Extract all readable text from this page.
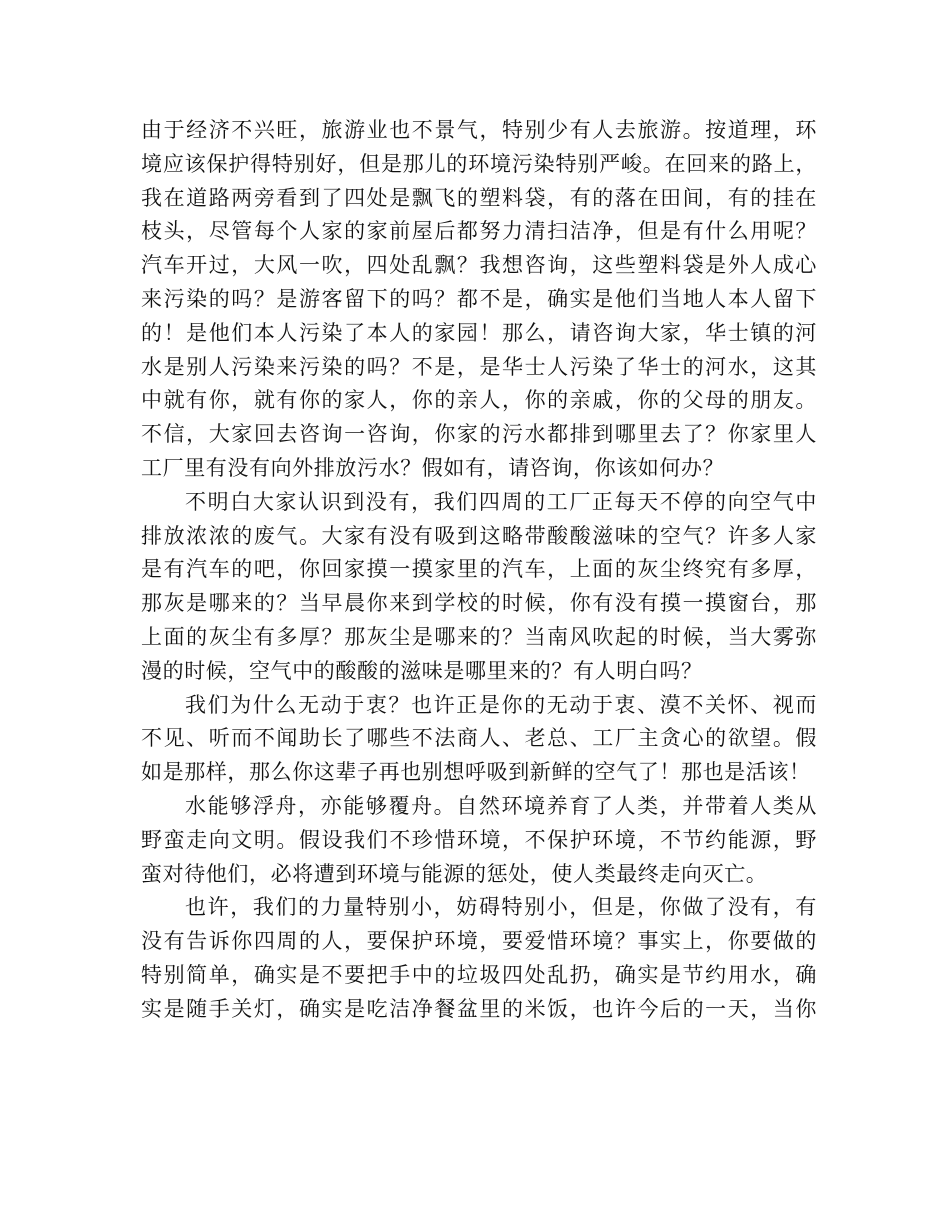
由于经济不兴旺，旅游业也不景气，特别少有人去旅游。按道理，环
境应该保护得特别好，但是那儿的环境污染特别严峻。在回来的路上，
我在道路两旁看到了四处是飘飞的塑料袋，有的落在田间，有的挂在
枝头，尽管每个人家的家前屋后都努力清扫洁净，但是有什么用呢？
汽车开过，大风一吹，四处乱飘？我想咨询，这些塑料袋是外人成心
来污染的吗？是游客留下的吗？都不是，确实是他们当地人本人留下
的！是他们本人污染了本人的家园！那么，请咨询大家，华士镇的河
水是别人污染来污染的吗？不是，是华士人污染了华士的河水，这其
中就有你，就有你的家人，你的亲人，你的亲戚，你的父母的朋友。
不信，大家回去咨询一咨询，你家的污水都排到哪里去了？你家里人
工厂里有没有向外排放污水？假如有，请咨询，你该如何办？
不明白大家认识到没有，我们四周的工厂正每天不停的向空气中
排放浓浓的废气。大家有没有吸到这略带酸酸滋味的空气？许多人家
是有汽车的吧，你回家摸一摸家里的汽车，上面的灰尘终究有多厚，
那灰是哪来的？当早晨你来到学校的时候，你有没有摸一摸窗台，那
上面的灰尘有多厚？那灰尘是哪来的？当南风吹起的时候，当大雾弥
漫的时候，空气中的酸酸的滋味是哪里来的？有人明白吗？
我们为什么无动于衷？也许正是你的无动于衷、漠不关怀、视而
不见、听而不闻助长了哪些不法商人、老总、工厂主贪心的欲望。假
如是那样，那么你这辈子再也别想呼吸到新鲜的空气了！那也是活该！
水能够浮舟，亦能够覆舟。自然环境养育了人类，并带着人类从
野蛮走向文明。假设我们不珍惜环境，不保护环境，不节约能源，野
蛮对待他们，必将遭到环境与能源的惩处，使人类最终走向灭亡。
也许，我们的力量特别小，妨碍特别小，但是，你做了没有，有
没有告诉你四周的人，要保护环境，要爱惜环境？事实上，你要做的
特别简单，确实是不要把手中的垃圾四处乱扔，确实是节约用水，确
实是随手关灯，确实是吃洁净餐盆里的米饭，也许今后的一天，当你
